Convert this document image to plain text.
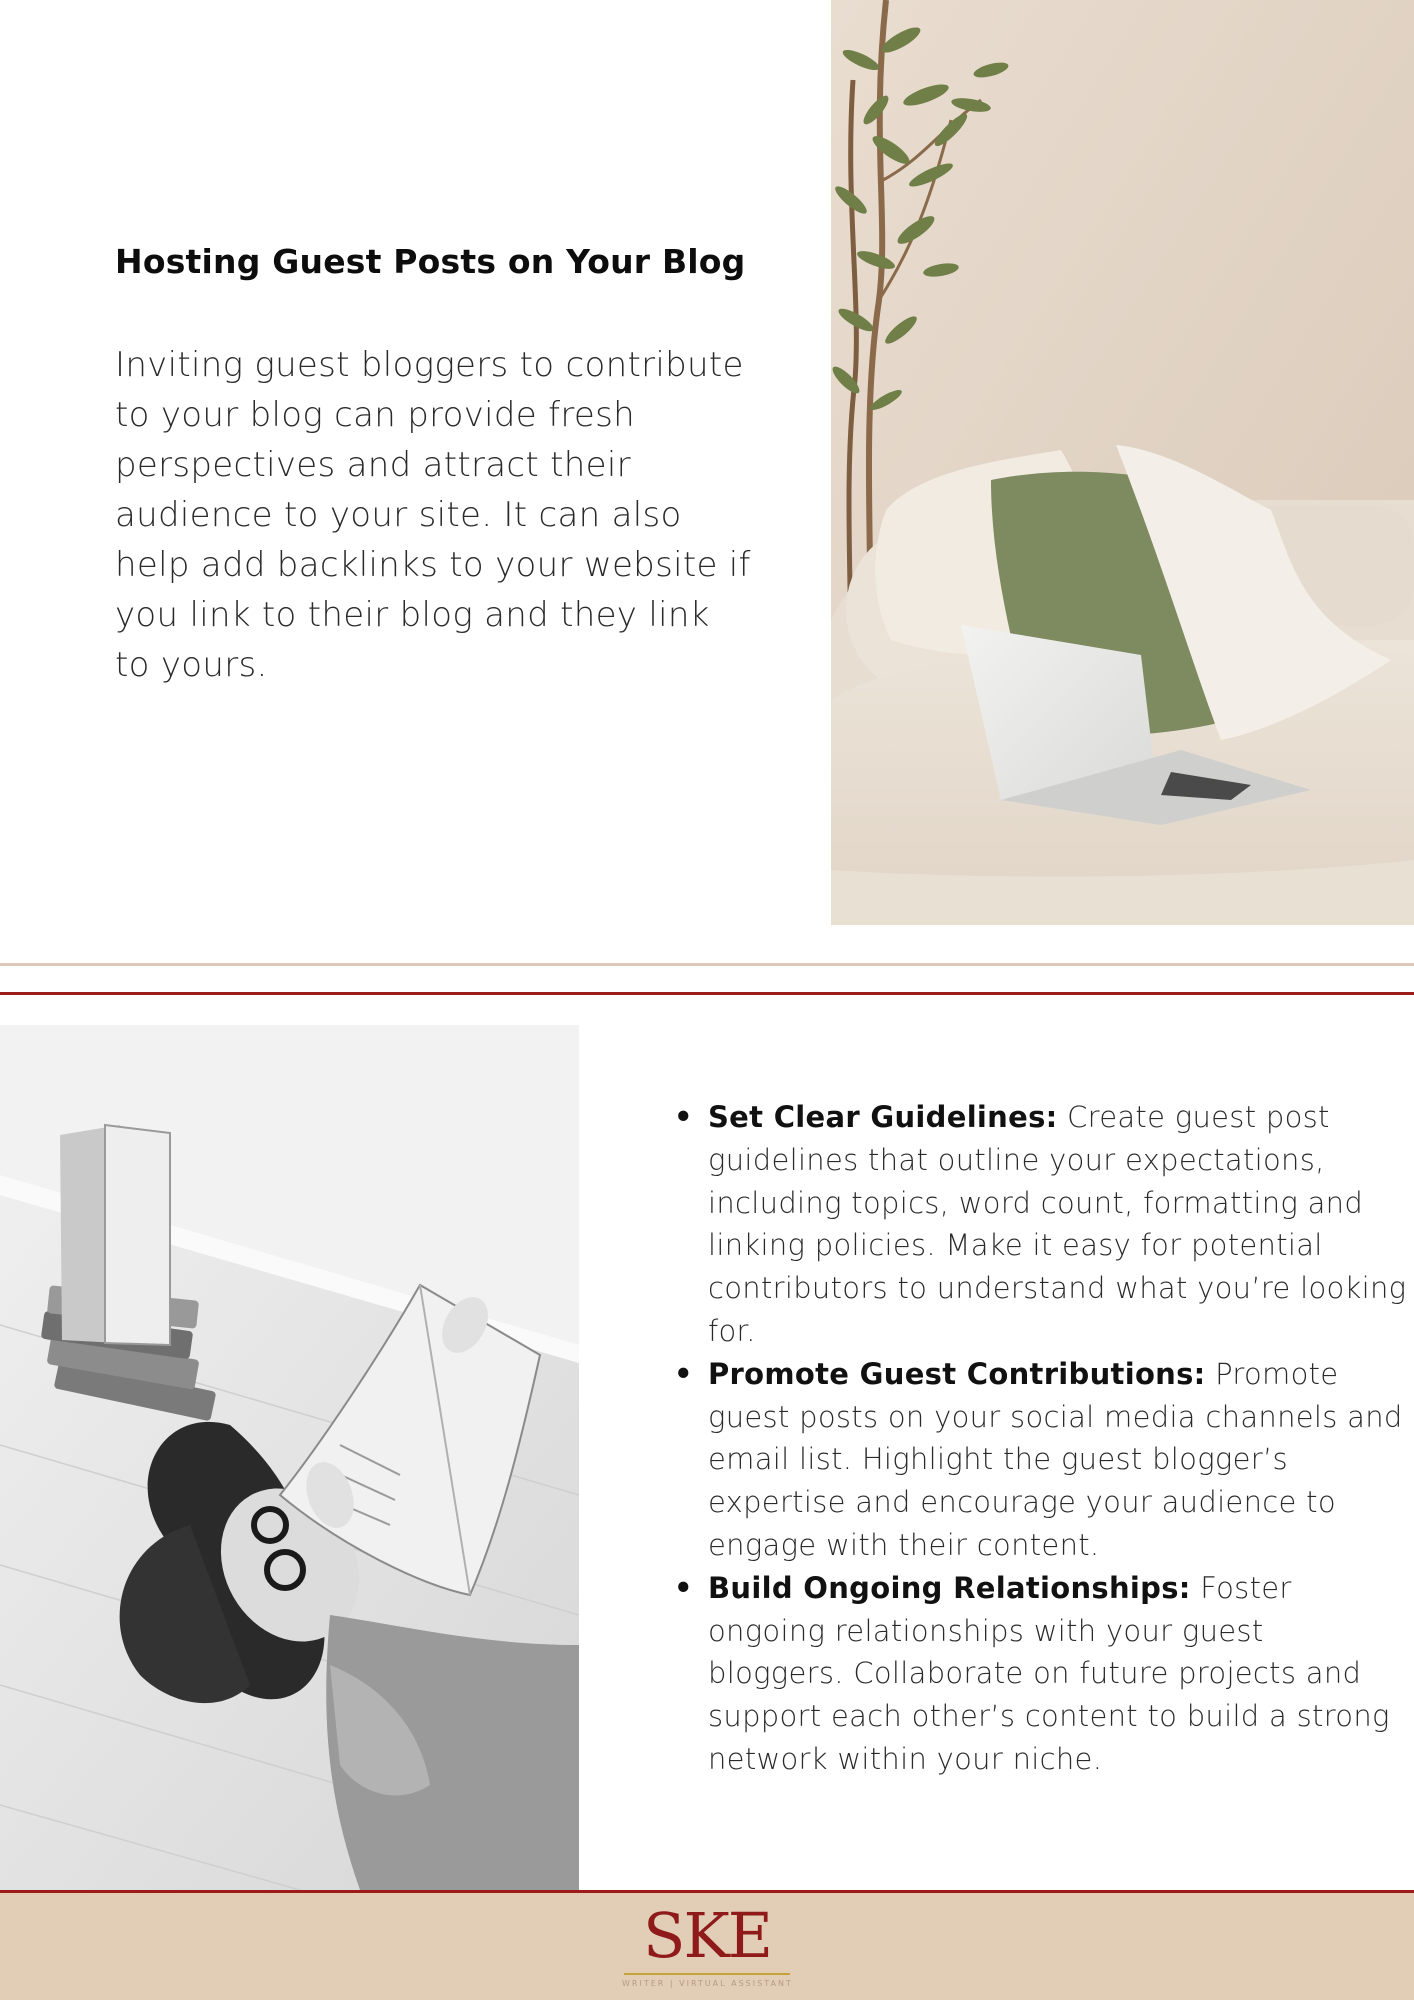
Hosting Guest Posts on Your Blog

Inviting guest bloggers to contribute to your blog can provide fresh perspectives and attract their audience to your site. It can also help add backlinks to your website if you link to their blog and they link to yours.

• Set Clear Guidelines: Create guest post guidelines that outline your expectations, including topics, word count, formatting and linking policies. Make it easy for potential contributors to understand what you’re looking for.
• Promote Guest Contributions: Promote guest posts on your social media channels and email list. Highlight the guest blogger’s expertise and encourage your audience to engage with their content.
• Build Ongoing Relationships: Foster ongoing relationships with your guest bloggers. Collaborate on future projects and support each other’s content to build a strong network within your niche.
SKE
WRITER | VIRTUAL ASSISTANT
